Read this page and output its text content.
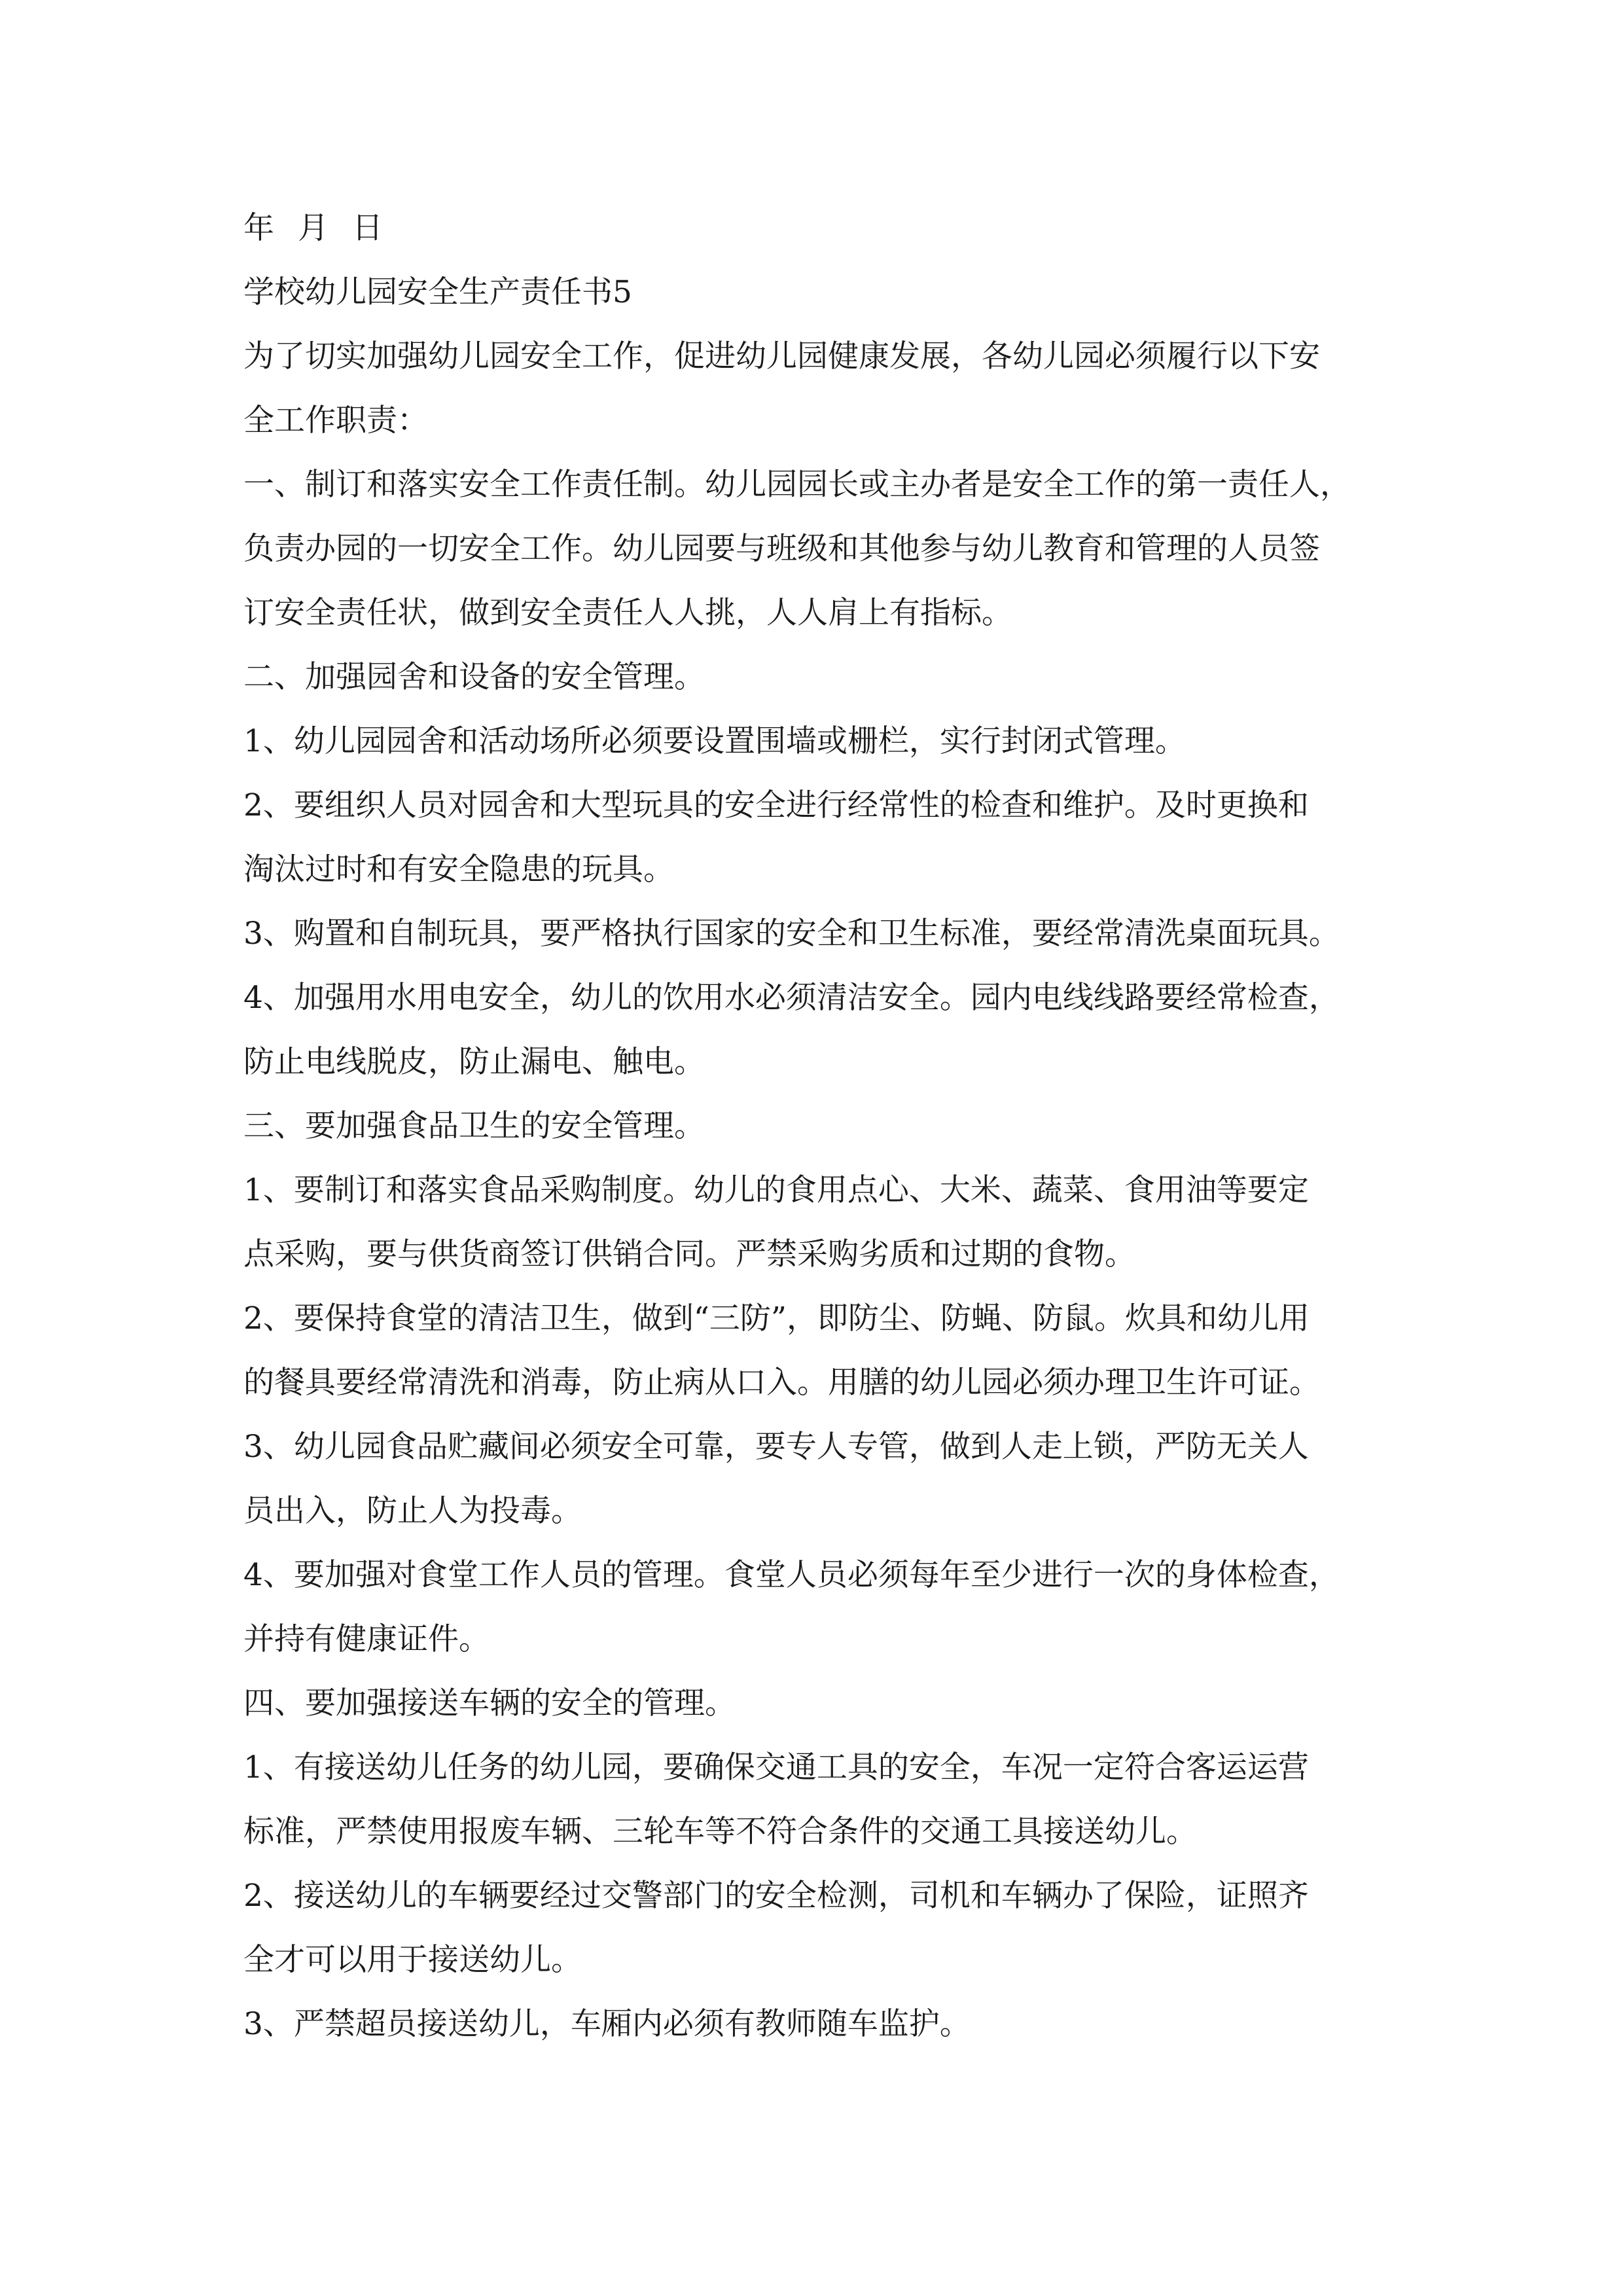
年 月 日
学校幼儿园安全生产责任书5
为了切实加强幼儿园安全工作，促进幼儿园健康发展，各幼儿园必须履行以下安
全工作职责：
一、制订和落实安全工作责任制。幼儿园园长或主办者是安全工作的第一责任人，
负责办园的一切安全工作。幼儿园要与班级和其他参与幼儿教育和管理的人员签
订安全责任状，做到安全责任人人挑，人人肩上有指标。
二、加强园舍和设备的安全管理。
1、幼儿园园舍和活动场所必须要设置围墙或栅栏，实行封闭式管理。
2、要组织人员对园舍和大型玩具的安全进行经常性的检查和维护。及时更换和
淘汰过时和有安全隐患的玩具。
3、购置和自制玩具，要严格执行国家的安全和卫生标准，要经常清洗桌面玩具。
4、加强用水用电安全，幼儿的饮用水必须清洁安全。园内电线线路要经常检查，
防止电线脱皮，防止漏电、触电。
三、要加强食品卫生的安全管理。
1、要制订和落实食品采购制度。幼儿的食用点心、大米、蔬菜、食用油等要定
点采购，要与供货商签订供销合同。严禁采购劣质和过期的食物。
2、要保持食堂的清洁卫生，做到“三防”，即防尘、防蝇、防鼠。炊具和幼儿用
的餐具要经常清洗和消毒，防止病从口入。用膳的幼儿园必须办理卫生许可证。
3、幼儿园食品贮藏间必须安全可靠，要专人专管，做到人走上锁，严防无关人
员出入，防止人为投毒。
4、要加强对食堂工作人员的管理。食堂人员必须每年至少进行一次的身体检查，
并持有健康证件。
四、要加强接送车辆的安全的管理。
1、有接送幼儿任务的幼儿园，要确保交通工具的安全，车况一定符合客运运营
标准，严禁使用报废车辆、三轮车等不符合条件的交通工具接送幼儿。
2、接送幼儿的车辆要经过交警部门的安全检测，司机和车辆办了保险，证照齐
全才可以用于接送幼儿。
3、严禁超员接送幼儿，车厢内必须有教师随车监护。
